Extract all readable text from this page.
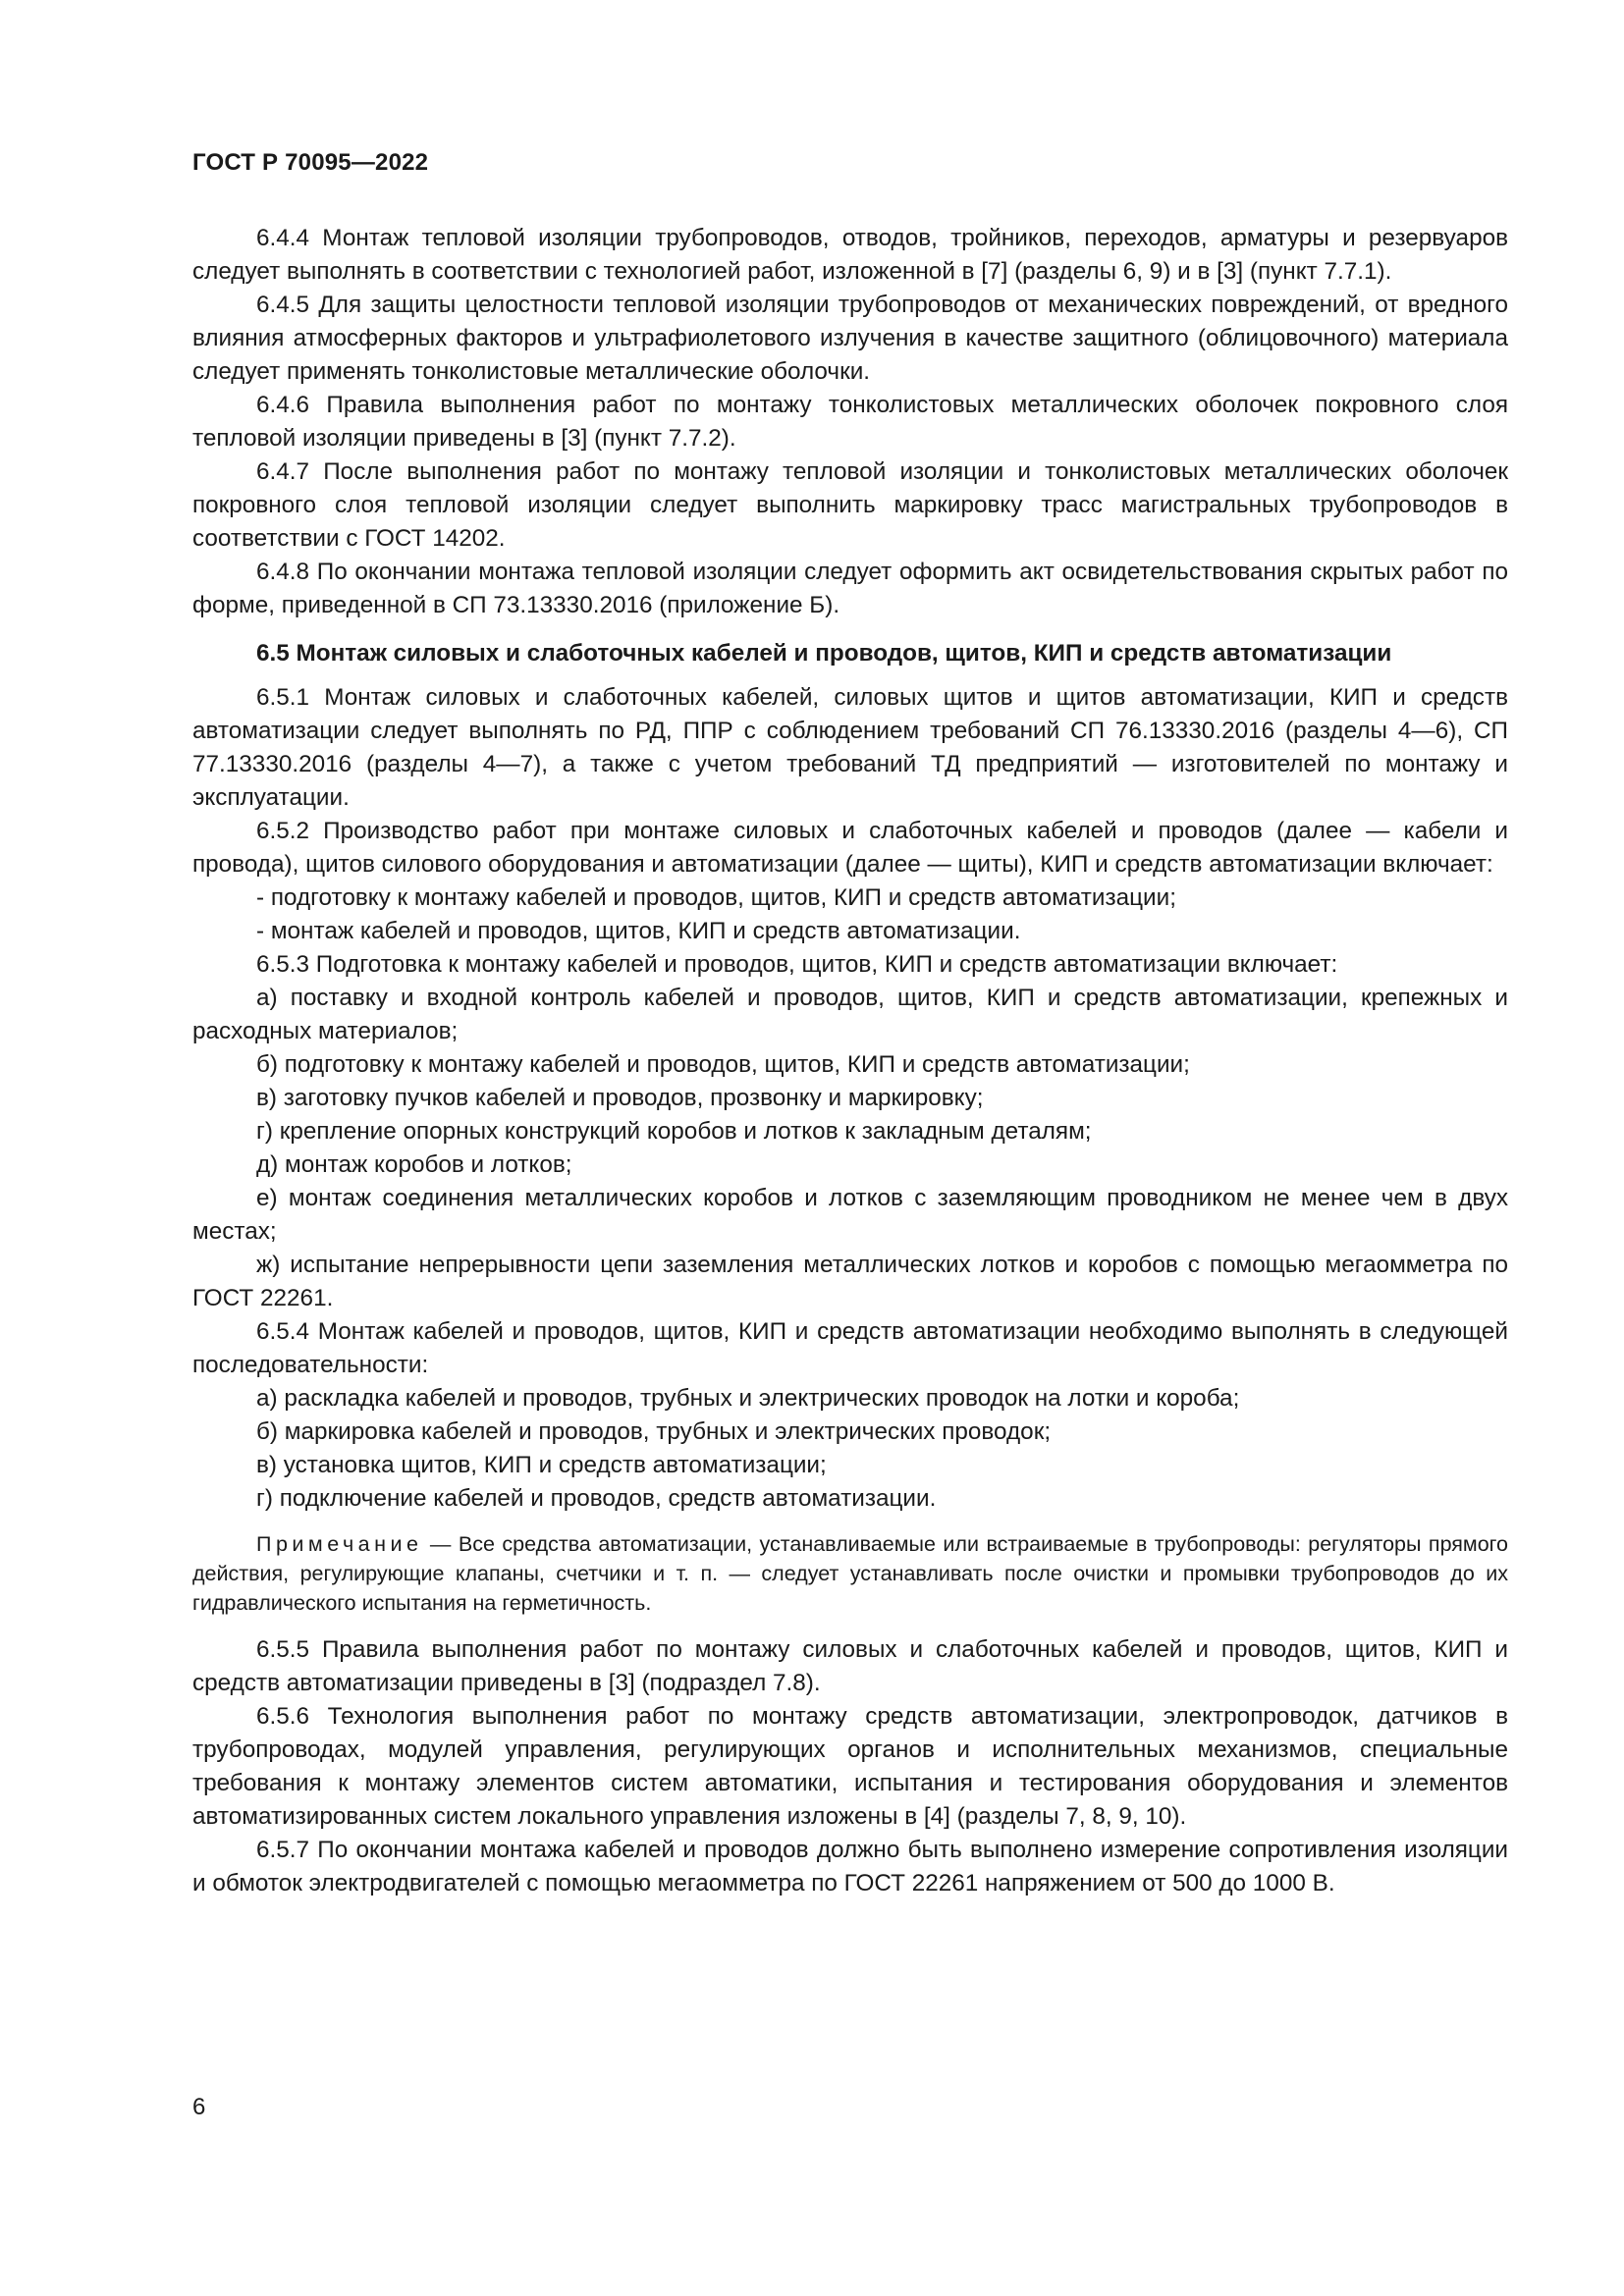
ГОСТ Р 70095—2022

6.4.4 Монтаж тепловой изоляции трубопроводов, отводов, тройников, переходов, арматуры и резервуаров следует выполнять в соответствии с технологией работ, изложенной в [7] (разделы 6, 9) и в [3] (пункт 7.7.1).

6.4.5 Для защиты целостности тепловой изоляции трубопроводов от механических повреждений, от вредного влияния атмосферных факторов и ультрафиолетового излучения в качестве защитного (облицовочного) материала следует применять тонколистовые металлические оболочки.

6.4.6 Правила выполнения работ по монтажу тонколистовых металлических оболочек покровного слоя тепловой изоляции приведены в [3] (пункт 7.7.2).

6.4.7 После выполнения работ по монтажу тепловой изоляции и тонколистовых металлических оболочек покровного слоя тепловой изоляции следует выполнить маркировку трасс магистральных трубопроводов в соответствии с ГОСТ 14202.

6.4.8 По окончании монтажа тепловой изоляции следует оформить акт освидетельствования скрытых работ по форме, приведенной в СП 73.13330.2016 (приложение Б).

6.5 Монтаж силовых и слаботочных кабелей и проводов, щитов, КИП и средств автоматизации

6.5.1 Монтаж силовых и слаботочных кабелей, силовых щитов и щитов автоматизации, КИП и средств автоматизации следует выполнять по РД, ППР с соблюдением требований СП 76.13330.2016 (разделы 4—6), СП 77.13330.2016 (разделы 4—7), а также с учетом требований ТД предприятий — изготовителей по монтажу и эксплуатации.

6.5.2 Производство работ при монтаже силовых и слаботочных кабелей и проводов (далее — кабели и провода), щитов силового оборудования и автоматизации (далее — щиты), КИП и средств автоматизации включает:

- подготовку к монтажу кабелей и проводов, щитов, КИП и средств автоматизации;

- монтаж кабелей и проводов, щитов, КИП и средств автоматизации.

6.5.3 Подготовка к монтажу кабелей и проводов, щитов, КИП и средств автоматизации включает:

а) поставку и входной контроль кабелей и проводов, щитов, КИП и средств автоматизации, крепежных и расходных материалов;

б) подготовку к монтажу кабелей и проводов, щитов, КИП и средств автоматизации;

в) заготовку пучков кабелей и проводов, прозвонку и маркировку;

г) крепление опорных конструкций коробов и лотков к закладным деталям;

д) монтаж коробов и лотков;

е) монтаж соединения металлических коробов и лотков с заземляющим проводником не менее чем в двух местах;

ж) испытание непрерывности цепи заземления металлических лотков и коробов с помощью мегаомметра по ГОСТ 22261.

6.5.4 Монтаж кабелей и проводов, щитов, КИП и средств автоматизации необходимо выполнять в следующей последовательности:

а) раскладка кабелей и проводов, трубных и электрических проводок на лотки и короба;

б) маркировка кабелей и проводов, трубных и электрических проводок;

в) установка щитов, КИП и средств автоматизации;

г) подключение кабелей и проводов, средств автоматизации.

Примечание — Все средства автоматизации, устанавливаемые или встраиваемые в трубопроводы: регуляторы прямого действия, регулирующие клапаны, счетчики и т. п. — следует устанавливать после очистки и промывки трубопроводов до их гидравлического испытания на герметичность.

6.5.5 Правила выполнения работ по монтажу силовых и слаботочных кабелей и проводов, щитов, КИП и средств автоматизации приведены в [3] (подраздел 7.8).

6.5.6 Технология выполнения работ по монтажу средств автоматизации, электропроводок, датчиков в трубопроводах, модулей управления, регулирующих органов и исполнительных механизмов, специальные требования к монтажу элементов систем автоматики, испытания и тестирования оборудования и элементов автоматизированных систем локального управления изложены в [4] (разделы 7, 8, 9, 10).

6.5.7 По окончании монтажа кабелей и проводов должно быть выполнено измерение сопротивления изоляции и обмоток электродвигателей с помощью мегаомметра по ГОСТ 22261 напряжением от 500 до 1000 В.

6
